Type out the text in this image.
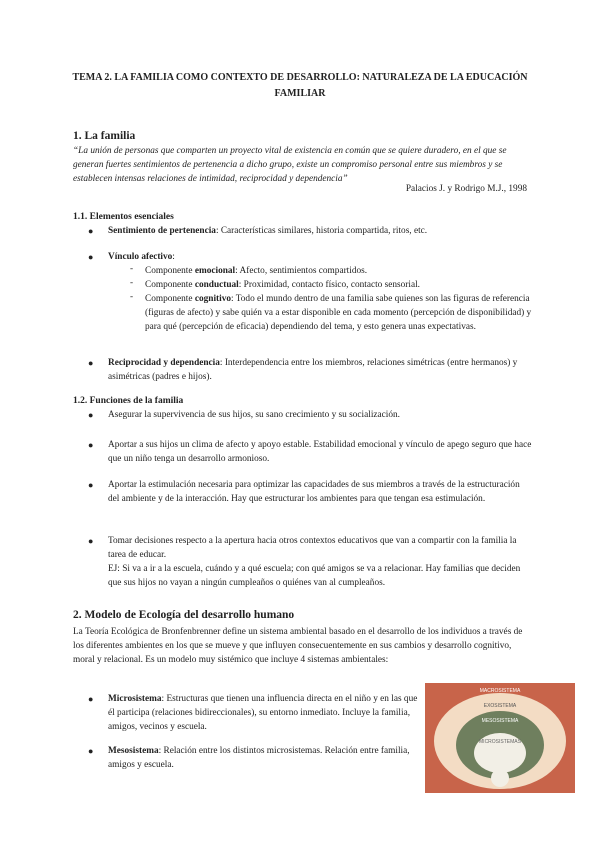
TEMA 2. LA FAMILIA COMO CONTEXTO DE DESARROLLO: NATURALEZA DE LA EDUCACIÓN FAMILIAR
1. La familia
“La unión de personas que comparten un proyecto vital de existencia en común que se quiere duradero, en el que se generan fuertes sentimientos de pertenencia a dicho grupo, existe un compromiso personal entre sus miembros y se establecen intensas relaciones de intimidad, reciprocidad y dependencia”
Palacios J. y Rodrigo M.J., 1998
1.1. Elementos esenciales
● Sentimiento de pertenencia: Características similares, historia compartida, ritos, etc.
● Vínculo afectivo:
- Componente emocional: Afecto, sentimientos compartidos.
- Componente conductual: Proximidad, contacto físico, contacto sensorial.
- Componente cognitivo: Todo el mundo dentro de una familia sabe quienes son las figuras de referencia (figuras de afecto) y sabe quién va a estar disponible en cada momento (percepción de disponibilidad) y para qué (percepción de eficacia) dependiendo del tema, y esto genera unas expectativas.
● Reciprocidad y dependencia: Interdependencia entre los miembros, relaciones simétricas (entre hermanos) y asimétricas (padres e hijos).
1.2. Funciones de la familia
● Asegurar la supervivencia de sus hijos, su sano crecimiento y su socialización.
● Aportar a sus hijos un clima de afecto y apoyo estable. Estabilidad emocional y vínculo de apego seguro que hace que un niño tenga un desarrollo armonioso.
● Aportar la estimulación necesaria para optimizar las capacidades de sus miembros a través de la estructuración del ambiente y de la interacción. Hay que estructurar los ambientes para que tengan esa estimulación.
● Tomar decisiones respecto a la apertura hacia otros contextos educativos que van a compartir con la familia la tarea de educar.
EJ: Si va a ir a la escuela, cuándo y a qué escuela; con qué amigos se va a relacionar. Hay familias que deciden que sus hijos no vayan a ningún cumpleaños o quiénes van al cumpleaños.
2. Modelo de Ecología del desarrollo humano
La Teoría Ecológica de Bronfenbrenner define un sistema ambiental basado en el desarrollo de los individuos a través de los diferentes ambientes en los que se mueve y que influyen consecuentemente en sus cambios y desarrollo cognitivo, moral y relacional. Es un modelo muy sistémico que incluye 4 sistemas ambientales:
● Microsistema: Estructuras que tienen una influencia directa en el niño y en las que él participa (relaciones bidireccionales), su entorno inmediato. Incluye la familia, amigos, vecinos y escuela.
● Mesosistema: Relación entre los distintos microsistemas. Relación entre familia, amigos y escuela.
MACROSISTEMA
EXOSISTEMA
MESOSISTEMA
MICROSISTEMAS
